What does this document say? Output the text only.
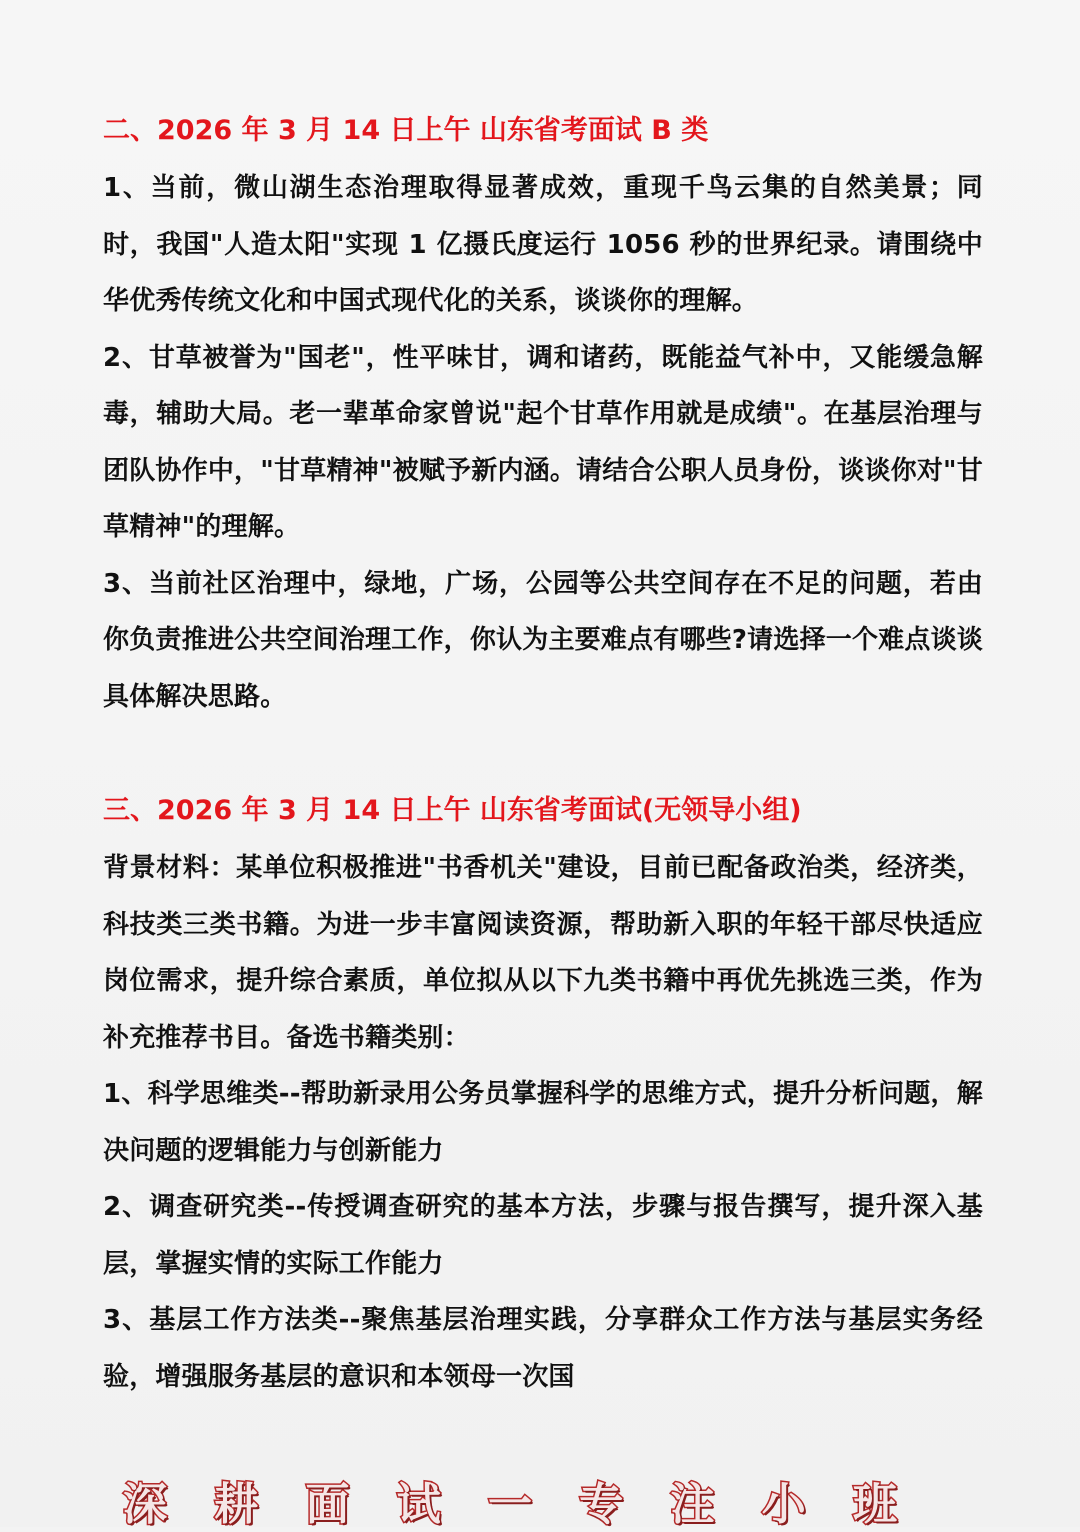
二、2026 年 3 月 14 日上午 山东省考面试 B 类

1、当前，微山湖生态治理取得显著成效，重现千鸟云集的自然美景；同时，我国"人造太阳"实现 1 亿摄氏度运行 1056 秒的世界纪录。请围绕中华优秀传统文化和中国式现代化的关系，谈谈你的理解。

2、甘草被誉为"国老"，性平味甘，调和诸药，既能益气补中，又能缓急解毒，辅助大局。老一辈革命家曾说"起个甘草作用就是成绩"。在基层治理与团队协作中，"甘草精神"被赋予新内涵。请结合公职人员身份，谈谈你对"甘草精神"的理解。

3、当前社区治理中，绿地，广场，公园等公共空间存在不足的问题，若由你负责推进公共空间治理工作，你认为主要难点有哪些?请选择一个难点谈谈具体解决思路。

三、2026 年 3 月 14 日上午 山东省考面试(无领导小组)

背景材料：某单位积极推进"书香机关"建设，目前已配备政治类，经济类，科技类三类书籍。为进一步丰富阅读资源，帮助新入职的年轻干部尽快适应岗位需求，提升综合素质，单位拟从以下九类书籍中再优先挑选三类，作为补充推荐书目。备选书籍类别：

1、科学思维类--帮助新录用公务员掌握科学的思维方式，提升分析问题，解决问题的逻辑能力与创新能力

2、调查研究类--传授调查研究的基本方法，步骤与报告撰写，提升深入基层，掌握实情的实际工作能力

3、基层工作方法类--聚焦基层治理实践，分享群众工作方法与基层实务经验，增强服务基层的意识和本领母一次国

深 耕 面 试 一 专 注 小 班
